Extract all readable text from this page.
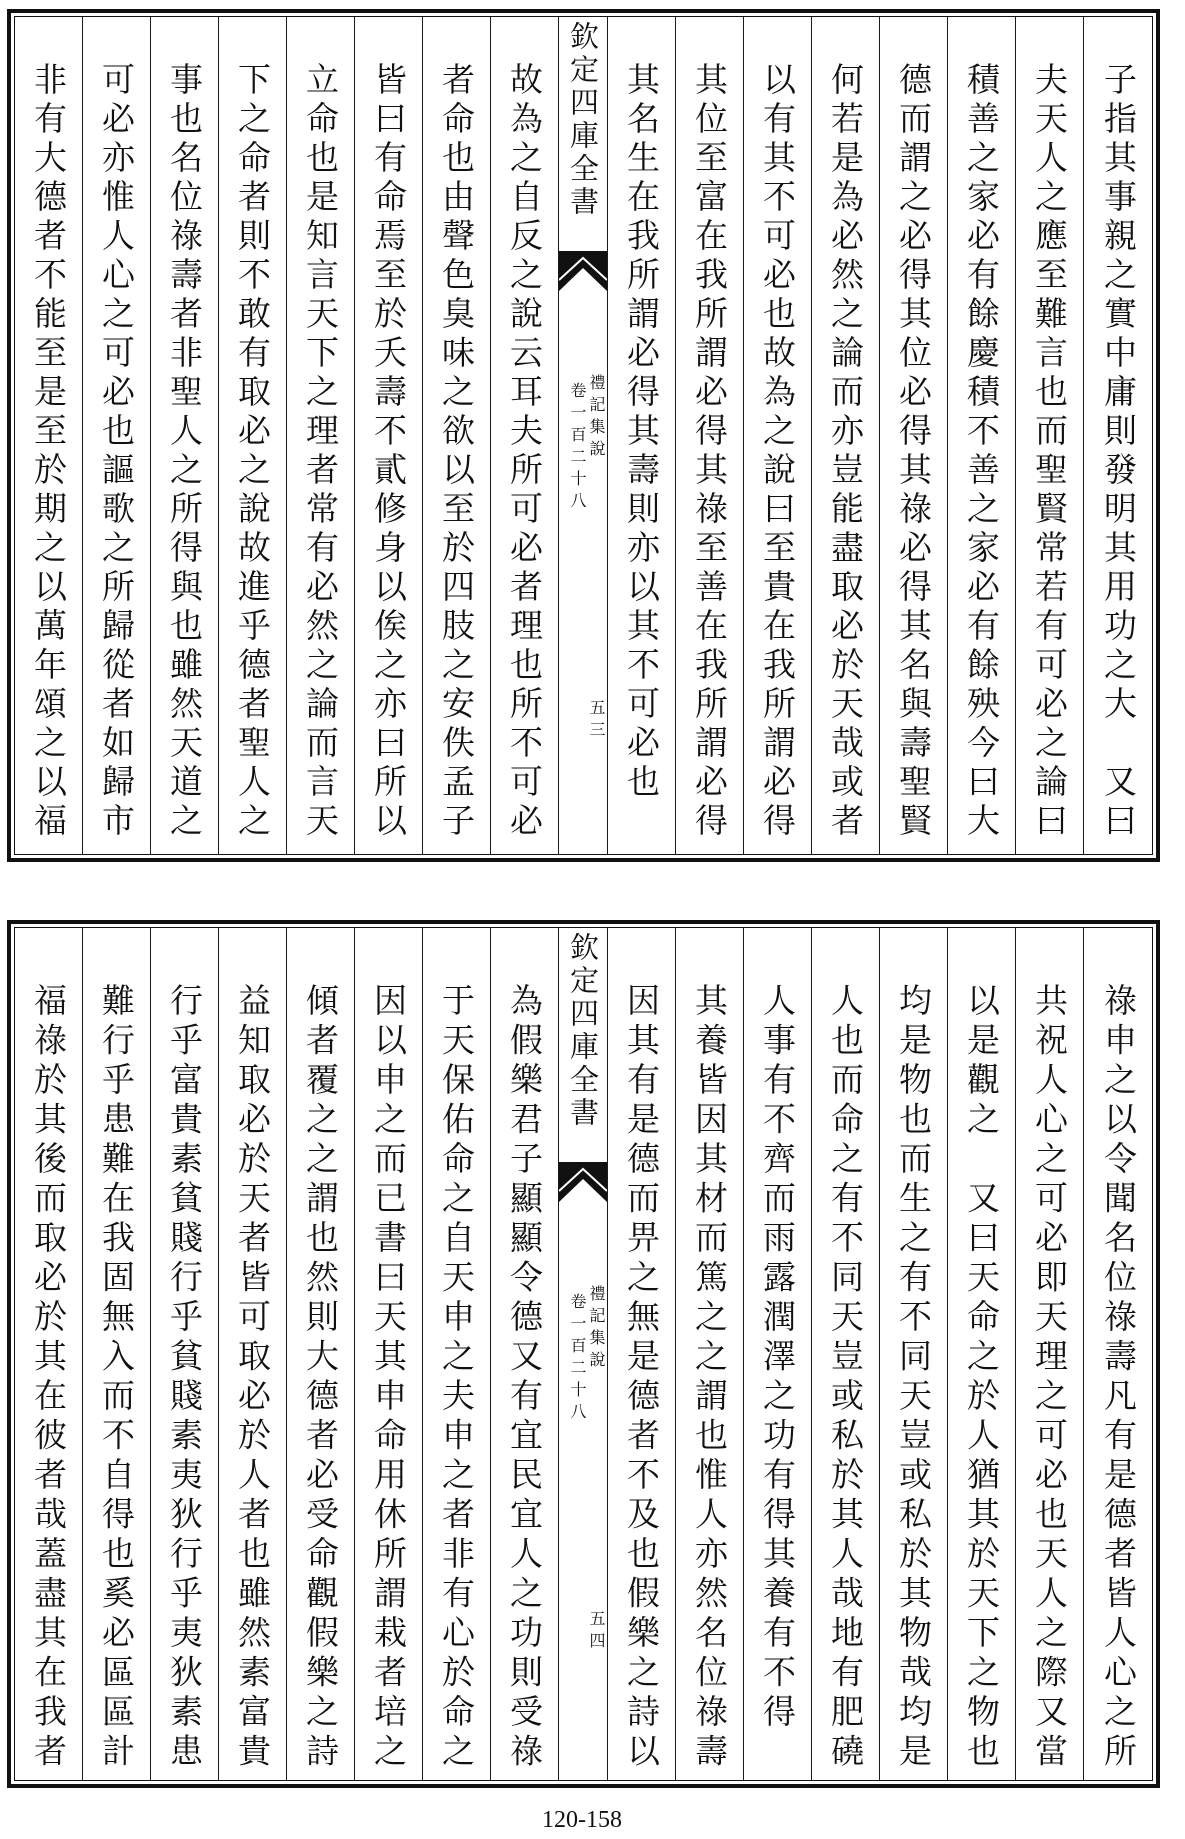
子指其事親之實中庸則發明其用功之大　又曰
夫天人之應至難言也而聖賢常若有可必之論曰
積善之家必有餘慶積不善之家必有餘殃今曰大
德而謂之必得其位必得其祿必得其名與壽聖賢
何若是為必然之論而亦豈能盡取必於天哉或者
以有其不可必也故為之說曰至貴在我所謂必得
其位至富在我所謂必得其祿至善在我所謂必得
其名生在我所謂必得其壽則亦以其不可必也
欽定四庫全書
禮記集說
卷一百二十八
五三
故為之自反之說云耳夫所可必者理也所不可必
者命也由聲色臭味之欲以至於四肢之安佚孟子
皆曰有命焉至於夭壽不貳修身以俟之亦曰所以
立命也是知言天下之理者常有必然之論而言天
下之命者則不敢有取必之說故進乎德者聖人之
事也名位祿壽者非聖人之所得與也雖然天道之
可必亦惟人心之可必也謳歌之所歸從者如歸市
非有大德者不能至是至於期之以萬年頌之以福
祿申之以令聞名位祿壽凡有是德者皆人心之所
共祝人心之可必即天理之可必也天人之際又當
以是觀之　又曰天命之於人猶其於天下之物也
均是物也而生之有不同天豈或私於其物哉均是
人也而命之有不同天豈或私於其人哉地有肥磽
人事有不齊而雨露潤澤之功有得其養有不得
其養皆因其材而篤之之謂也惟人亦然名位祿壽
因其有是德而畀之無是德者不及也假樂之詩以
欽定四庫全書
禮記集說
卷一百二十八
五四
為假樂君子顯顯令德又有宜民宜人之功則受祿
于天保佑命之自天申之夫申之者非有心於命之
因以申之而已書曰天其申命用休所謂栽者培之
傾者覆之之謂也然則大德者必受命觀假樂之詩
益知取必於天者皆可取必於人者也雖然素富貴
行乎富貴素貧賤行乎貧賤素夷狄行乎夷狄素患
難行乎患難在我固無入而不自得也奚必區區計
福祿於其後而取必於其在彼者哉蓋盡其在我者
120-158
